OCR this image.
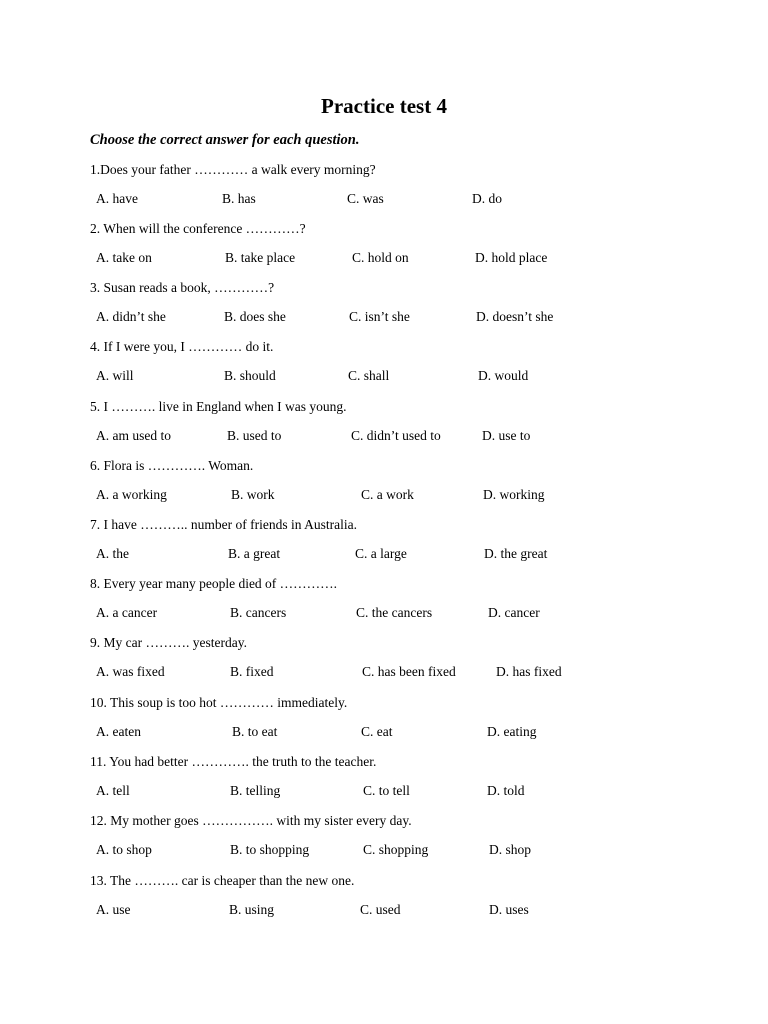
Practice test 4
Choose the correct answer for each question.
1.Does your father ………… a walk every morning?
A. have	B. has	C. was	D. do
2. When will the conference …………?
A. take on	B. take place	C. hold on	D. hold place
3. Susan reads a book, …………?
A. didn’t she	B. does she	C. isn’t she	D. doesn’t she
4. If I were you, I ………… do it.
A. will	B. should	C. shall	D. would
5. I ………. live in England when I was young.
A. am used to	B. used to	C. didn’t used to	D. use to
6. Flora is …………. Woman.
A. a working	B. work	C. a work	D. working
7. I have ……….. number of friends in Australia.
A. the	B. a great	C. a large	D. the great
8. Every year many people died of ………….
A. a cancer	B. cancers	C. the cancers	D. cancer
9. My car ………. yesterday.
A. was fixed	B. fixed	C. has been fixed	D. has fixed
10. This soup is too hot ………… immediately.
A. eaten	B. to eat	C. eat	D. eating
11. You had better …………. the truth to the teacher.
A. tell	B. telling	C. to tell	D. told
12. My mother goes ……………. with my sister every day.
A. to shop	B. to shopping	C. shopping	D. shop
13. The ………. car is cheaper than the new one.
A. use	B. using	C. used	D. uses
